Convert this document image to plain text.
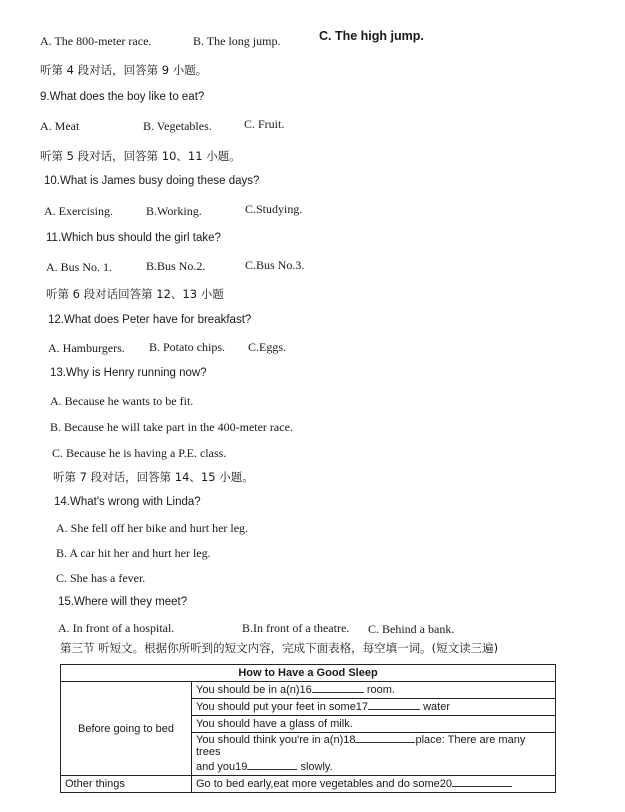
A. The 800-meter race.	B. The long jump.	C. The high jump.
听第 4 段对话，回答第 9 小题。
9.What does the boy like to eat?
A. Meat	B. Vegetables.	C. Fruit.
听第 5 段对话，回答第 10、11 小题。
10.What is James busy doing these days?
A. Exercising.	B.Working.	C.Studying.
11.Which bus should the girl take?
A. Bus No. 1.	B.Bus No.2.	C.Bus No.3.
听第 6 段对话回答第 12、13 小题
12.What does Peter have for breakfast?
A. Hamburgers. B. Potato chips. C.Eggs.
13.Why is Henry running now?
A. Because he wants to be fit.
B. Because he will take part in the 400-meter race.
C. Because he is having a P.E. class.
听第 7 段对话，回答第 14、15 小题。
14.What's wrong with Linda?
A. She fell off her bike and hurt her leg.
B. A car hit her and hurt her leg.
C. She has a fever.
15.Where will they meet?
A. In front of a hospital.	B.In front of a theatre. C. Behind a bank.
第三节 听短文。根据你所听到的短文内容，完成下面表格，每空填一词。(短文读三遍)
How to Have a Good Sleep	
Before going to bed	You should be in a(n)16 room.
	You should put your feet in some17 water
	You should have a glass of milk.
	You should think you're in a(n)18 place: There are many trees
	and you19 slowly.
Other things	Go to bed early,eat more vegetables and do some20
